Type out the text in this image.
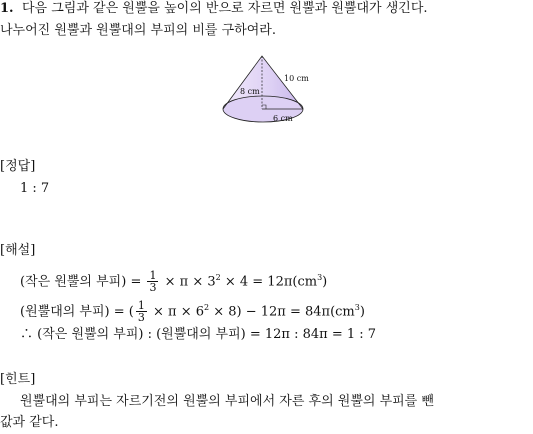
1. 다음 그림과 같은 원뿔을 높이의 반으로 자르면 원뿔과 원뿔대가 생긴다.
나누어진 원뿔과 원뿔대의 부피의 비를 구하여라.
10 cm
8 cm
6 cm
[정답]
1 : 7
[해설]
(작은 원뿔의 부피) = $\frac{1}{3} \times \pi \times 3^2 \times 4 = 12\pi(cm^3)$
(원뿔대의 부피) = ( $\frac{1}{3} \times \pi \times 6^2 \times 8) - 12\pi = 84\pi(cm^3)$
∴ (작은 원뿔의 부피) : (원뿔대의 부피) = 12π : 84π = 1 : 7
[힌트]
원뿔대의 부피는 자르기전의 원뿔의 부피에서 자른 후의 원뿔의 부피를 뺀
값과 같다.
